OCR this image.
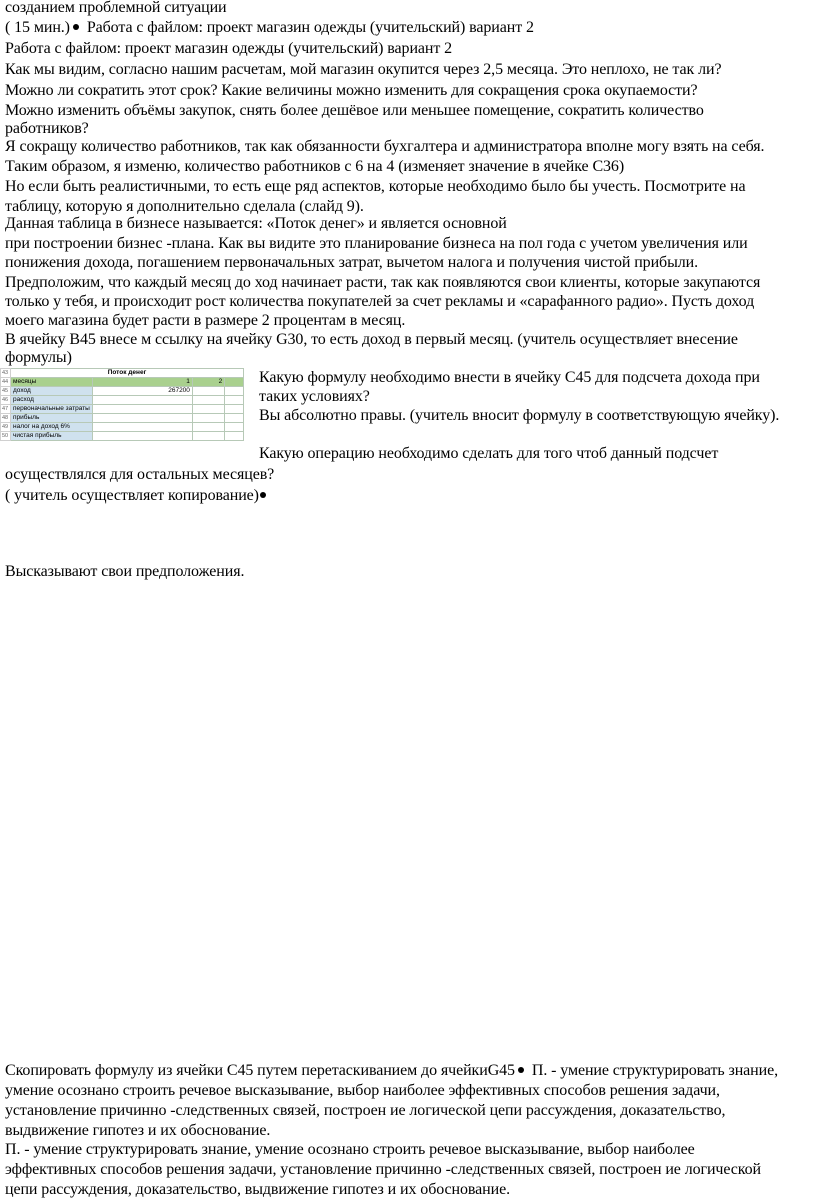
созданием проблемной ситуации
( 15 мин.) Работа с файлом: проект магазин одежды (учительский) вариант 2
Работа с файлом: проект магазин одежды (учительский) вариант 2
Как мы видим, согласно нашим расчетам, мой магазин окупится через 2,5 месяца. Это неплохо, не так ли?
Можно ли сократить этот срок? Какие величины можно изменить для сокращения срока окупаемости?
Можно изменить объёмы закупок, снять более дешёвое или меньшее помещение, сократить количество
работников?
Я сокращу количество работников, так как обязанности бухгалтера и администратора вполне могу взять на себя.
Таким образом, я изменю, количество работников с 6 на 4 (изменяет значение в ячейке С36)
Но если быть реалистичными, то есть еще ряд аспектов, которые необходимо было бы учесть. Посмотрите на
таблицу, которую я дополнительно сделала (слайд 9).
Данная таблица в бизнесе называется: «Поток денег» и является основной
при построении бизнес -плана. Как вы видите это планирование бизнеса на пол года с учетом увеличения или
понижения дохода, погашением первоначальных затрат, вычетом налога и получения чистой прибыли.
Предположим, что каждый месяц до ход начинает расти, так как появляются свои клиенты, которые закупаются
только у тебя, и происходит рост количества покупателей за счет рекламы и «сарафанного радио». Пусть доход
моего магазина будет расти в размере 2 процентам в месяц.
В ячейку В45 внесе м ссылку на ячейку G30, то есть доход в первый месяц. (учитель осуществляет внесение
формулы)
43	Поток денег			
44	месяцы	1	2	
45	доход	267200		
46	расход			
47	первоначальные затраты			
48	прибыль			
49	налог на доход 6%			
50	чистая прибыль			
Какую формулу необходимо внести в ячейку С45 для подсчета дохода при
таких условиях?
Вы абсолютно правы. (учитель вносит формулу в соответствующую ячейку).
Какую операцию необходимо сделать для того чтоб данный подсчет
осуществлялся для остальных месяцев?
( учитель осуществляет копирование)
Высказывают свои предположения.
Скопировать формулу из ячейки С45 путем перетаскиванием до ячейкиG45 П. - умение структурировать знание,
умение осознано строить речевое высказывание, выбор наиболее эффективных способов решения задачи,
установление причинно -следственных связей, построен ие логической цепи рассуждения, доказательство,
выдвижение гипотез и их обоснование.
П. - умение структурировать знание, умение осознано строить речевое высказывание, выбор наиболее
эффективных способов решения задачи, установление причинно -следственных связей, построен ие логической
цепи рассуждения, доказательство, выдвижение гипотез и их обоснование.
